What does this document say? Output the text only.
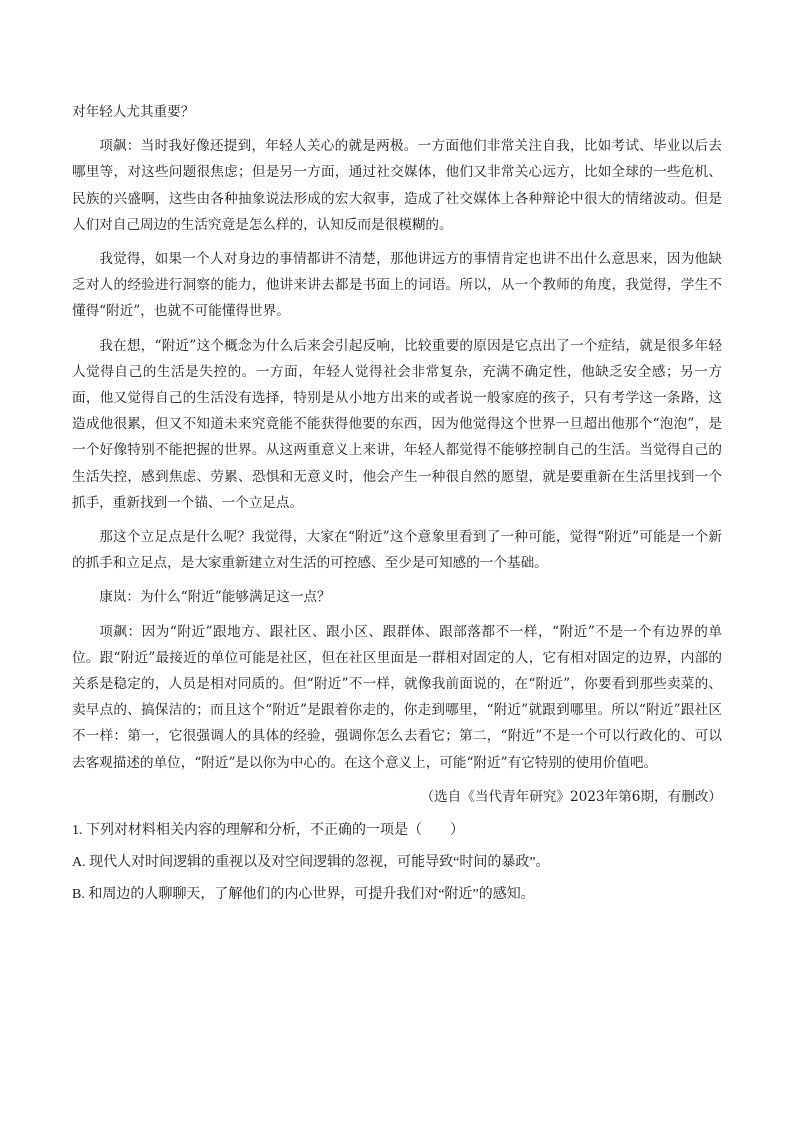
对年轻人尤其重要？

项飙：当时我好像还提到，年轻人关心的就是两极。一方面他们非常关注自我，比如考试、毕业以后去哪里等，对这些问题很焦虑；但是另一方面，通过社交媒体，他们又非常关心远方，比如全球的一些危机、民族的兴盛啊，这些由各种抽象说法形成的宏大叙事，造成了社交媒体上各种辩论中很大的情绪波动。但是人们对自己周边的生活究竟是怎么样的，认知反而是很模糊的。

我觉得，如果一个人对身边的事情都讲不清楚，那他讲远方的事情肯定也讲不出什么意思来，因为他缺乏对人的经验进行洞察的能力，他讲来讲去都是书面上的词语。所以，从一个教师的角度，我觉得，学生不懂得“附近”，也就不可能懂得世界。

我在想，“附近”这个概念为什么后来会引起反响，比较重要的原因是它点出了一个症结，就是很多年轻人觉得自己的生活是失控的。一方面，年轻人觉得社会非常复杂，充满不确定性，他缺乏安全感；另一方面，他又觉得自己的生活没有选择，特别是从小地方出来的或者说一般家庭的孩子，只有考学这一条路，这造成他很累，但又不知道未来究竟能不能获得他要的东西，因为他觉得这个世界一旦超出他那个“泡泡”，是一个好像特别不能把握的世界。从这两重意义上来讲，年轻人都觉得不能够控制自己的生活。当觉得自己的生活失控，感到焦虑、劳累、恐惧和无意义时，他会产生一种很自然的愿望，就是要重新在生活里找到一个抓手，重新找到一个锚、一个立足点。

那这个立足点是什么呢？我觉得，大家在“附近”这个意象里看到了一种可能，觉得“附近”可能是一个新的抓手和立足点，是大家重新建立对生活的可控感、至少是可知感的一个基础。

康岚：为什么“附近”能够满足这一点？

项飙：因为“附近”跟地方、跟社区、跟小区、跟群体、跟部落都不一样，“附近”不是一个有边界的单位。跟“附近”最接近的单位可能是社区，但在社区里面是一群相对固定的人，它有相对固定的边界，内部的关系是稳定的，人员是相对同质的。但“附近”不一样，就像我前面说的，在“附近”，你要看到那些卖菜的、卖早点的、搞保洁的；而且这个“附近”是跟着你走的，你走到哪里，“附近”就跟到哪里。所以“附近”跟社区不一样：第一，它很强调人的具体的经验，强调你怎么去看它；第二，“附近”不是一个可以行政化的、可以去客观描述的单位，“附近”是以你为中心的。在这个意义上，可能“附近”有它特别的使用价值吧。

（选自《当代青年研究》2023年第6期，有删改）

1. 下列对材料相关内容的理解和分析，不正确的一项是（　　）

A. 现代人对时间逻辑的重视以及对空间逻辑的忽视，可能导致“时间的暴政”。

B. 和周边的人聊聊天，了解他们的内心世界，可提升我们对“附近”的感知。
